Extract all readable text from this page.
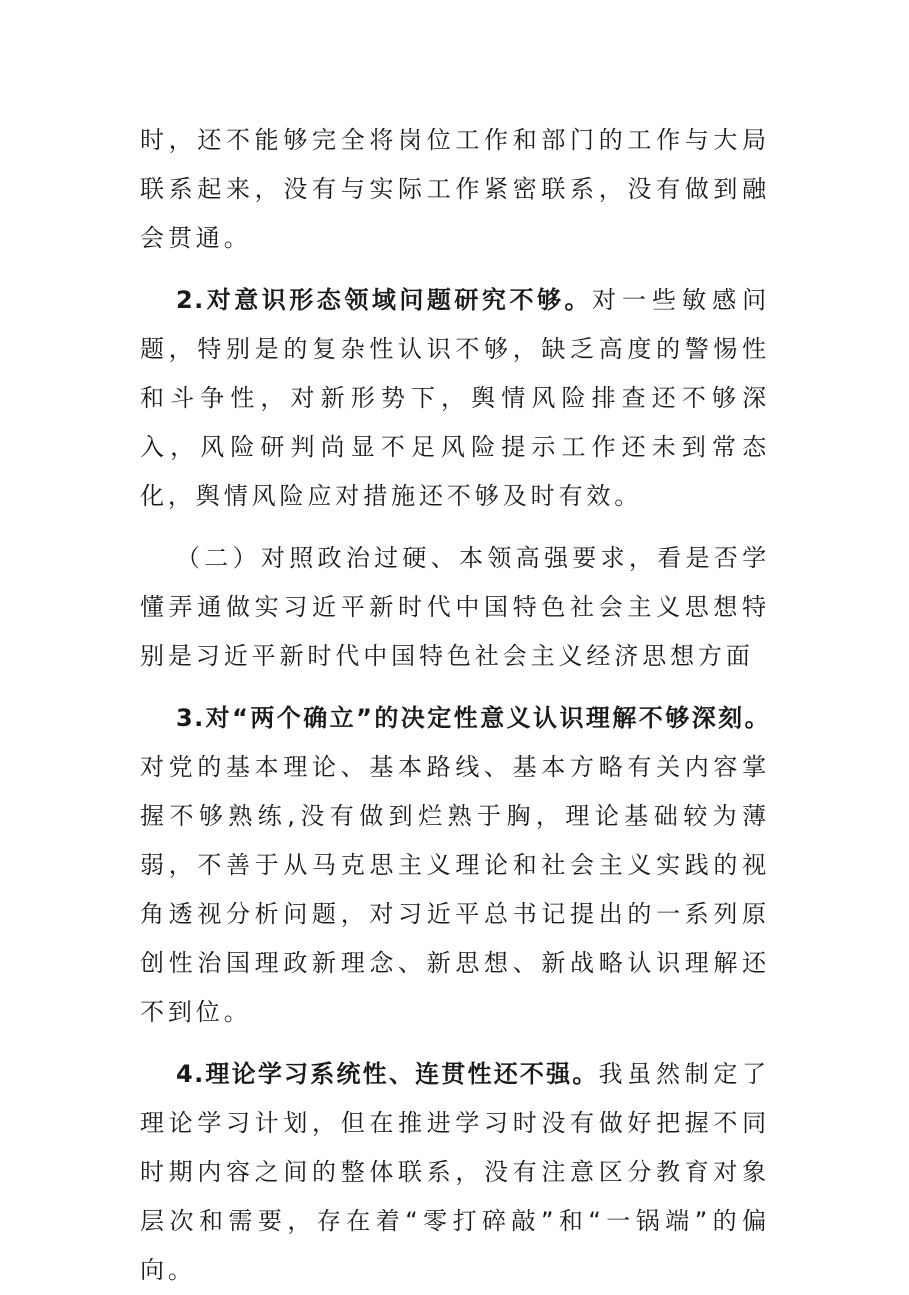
时，还不能够完全将岗位工作和部门的工作与大局联系起来，没有与实际工作紧密联系，没有做到融会贯通。

2.对意识形态领域问题研究不够。对一些敏感问题，特别是的复杂性认识不够，缺乏高度的警惕性和斗争性，对新形势下，舆情风险排查还不够深入，风险研判尚显不足风险提示工作还未到常态化，舆情风险应对措施还不够及时有效。

（二）对照政治过硬、本领高强要求，看是否学懂弄通做实习近平新时代中国特色社会主义思想特别是习近平新时代中国特色社会主义经济思想方面

3.对“两个确立”的决定性意义认识理解不够深刻。对党的基本理论、基本路线、基本方略有关内容掌握不够熟练,没有做到烂熟于胸，理论基础较为薄弱，不善于从马克思主义理论和社会主义实践的视角透视分析问题，对习近平总书记提出的一系列原创性治国理政新理念、新思想、新战略认识理解还不到位。

4.理论学习系统性、连贯性还不强。我虽然制定了理论学习计划，但在推进学习时没有做好把握不同时期内容之间的整体联系，没有注意区分教育对象层次和需要，存在着“零打碎敲”和“一锅端”的偏向。
